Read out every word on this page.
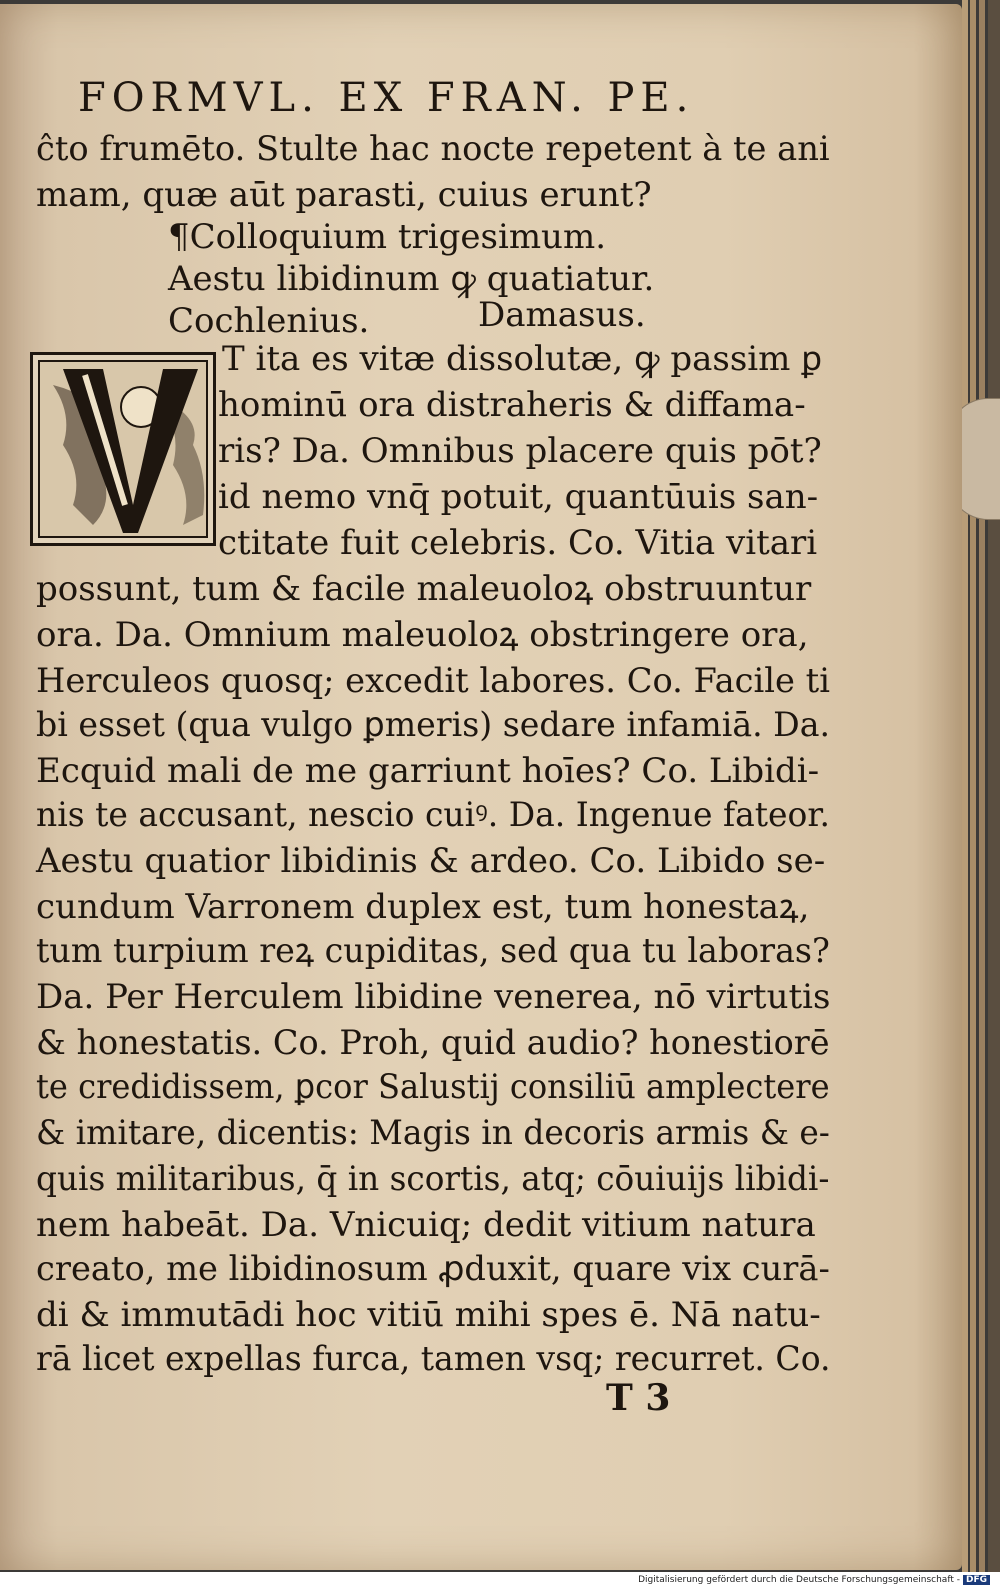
FORMVL. EX FRAN. PE.
ĉto frumēto. Stulte hac nocte repetent à te ani
mam, quæ aūt parasti, cuius erunt?
¶Colloquium trigesimum.
Aestu libidinum ꝙ quatiatur.
Cochlenius.	Damasus.
T ita es vitæ dissolutæ, ꝙ passim ꝑ
hominū ora distraheris & diffama-
ris? Da. Omnibus placere quis pōt?
id nemo vnq̄ potuit, quantūuis san-
ctitate fuit celebris. Co. Vitia vitari
possunt, tum & facile maleuoloꝝ obstruuntur
ora. Da. Omnium maleuoloꝝ obstringere ora,
Herculeos quosq; excedit labores. Co. Facile ti
bi esset (qua vulgo ꝑmeris) sedare infamiā. Da.
Ecquid mali de me garriunt hoīes? Co. Libidi-
nis te accusant, nescio cuiꝰ. Da. Ingenue fateor.
Aestu quatior libidinis & ardeo. Co. Libido se-
cundum Varronem duplex est, tum honestaꝝ,
tum turpium reꝝ cupiditas, sed qua tu laboras?
Da. Per Herculem libidine venerea, nō virtutis
& honestatis. Co. Proh, quid audio? honestiorē
te credidissem, ꝑcor Salustij consiliū amplectere
& imitare, dicentis: Magis in decoris armis & e-
quis militaribus, q̄ in scortis, atq; cōuiuijs libidi-
nem habeāt. Da. Vnicuiq; dedit vitium natura
creato, me libidinosum ꝓduxit, quare vix curā-
di & immutādi hoc vitiū mihi spes ē. Nā natu-
rā licet expellas furca, tamen vsq; recurret. Co.
T 3
Digitalisierung gefördert durch die Deutsche Forschungsgemeinschaft - DFG
